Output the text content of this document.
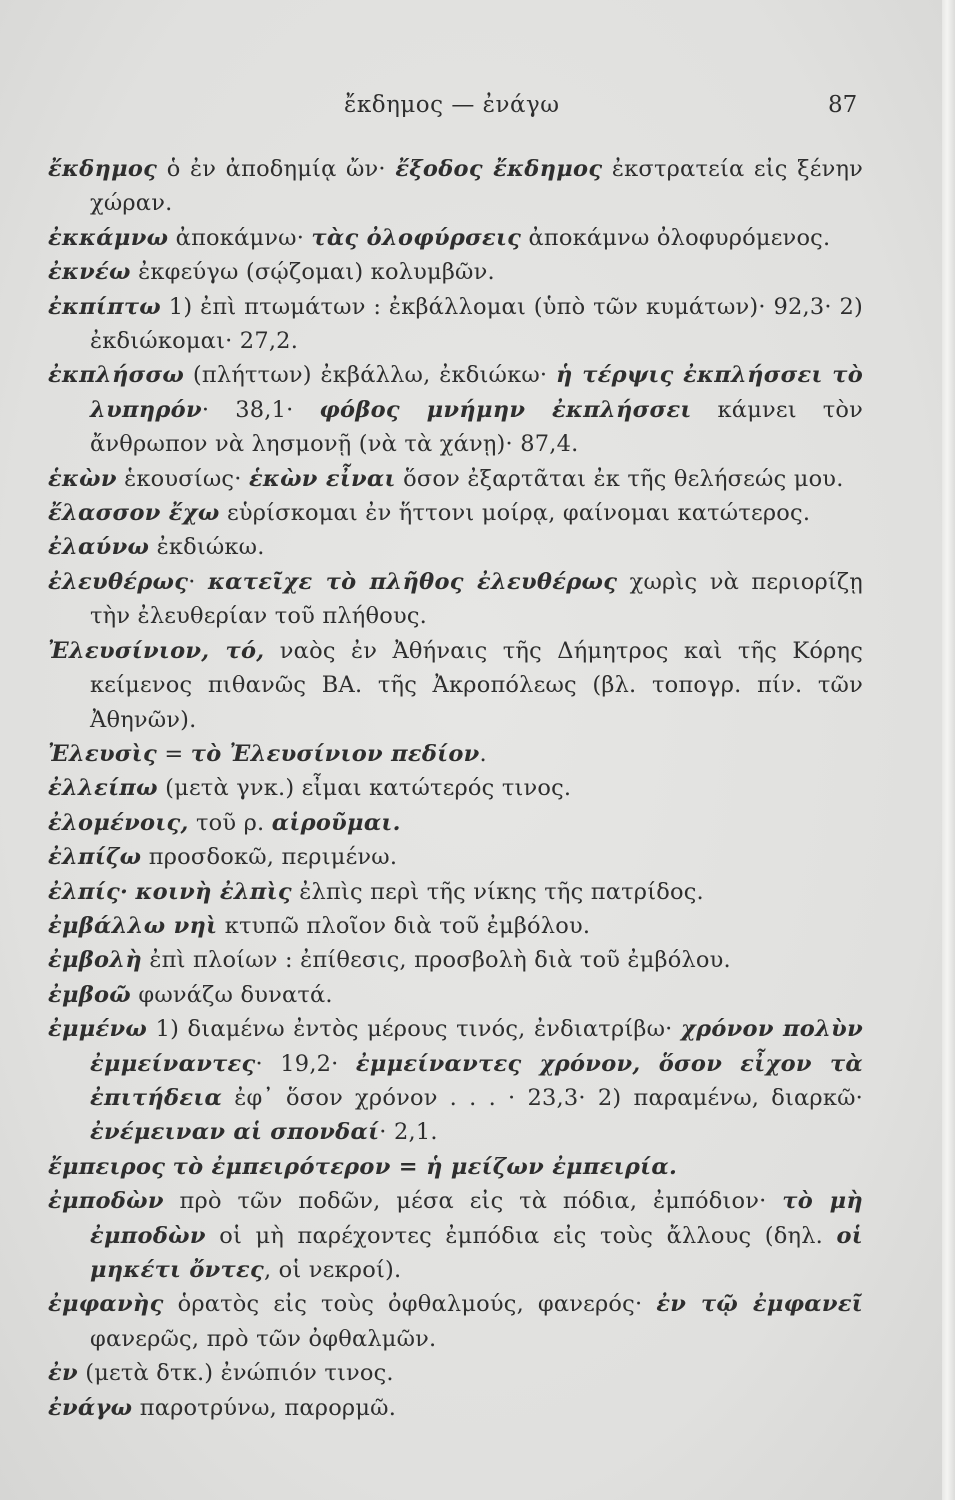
ἔκδημος — ἐνάγω	87

ἔκδημος ὁ ἐν ἀποδημίᾳ ὤν· ἔξοδος ἔκδημος ἐκστρατεία εἰς ξένην χώραν.

ἐκκάμνω ἀποκάμνω· τὰς ὀλοφύρσεις ἀποκάμνω ὀλοφυρόμενος.

ἐκνέω ἐκφεύγω (σῴζομαι) κολυμβῶν.

ἐκπίπτω 1) ἐπὶ πτωμάτων : ἐκβάλλομαι (ὑπὸ τῶν κυμάτων)· 92,3· 2) ἐκδιώκομαι· 27,2.

ἐκπλήσσω (πλήττων) ἐκβάλλω, ἐκδιώκω· ἡ τέρψις ἐκπλήσσει τὸ λυπηρόν· 38,1· φόβος μνήμην ἐκπλήσσει κάμνει τὸν ἄνθρωπον νὰ λησμονῇ (νὰ τὰ χάνῃ)· 87,4.

ἑκὼν ἑκουσίως· ἑκὼν εἶναι ὅσον ἐξαρτᾶται ἐκ τῆς θελήσεώς μου.

ἔλασσον ἔχω εὑρίσκομαι ἐν ἥττονι μοίρᾳ, φαίνομαι κατώτερος.

ἐλαύνω ἐκδιώκω.

ἐλευθέρως· κατεῖχε τὸ πλῆθος ἐλευθέρως χωρὶς νὰ περιορίζῃ τὴν ἐλευθερίαν τοῦ πλήθους.

Ἐλευσίνιον, τό, ναὸς ἐν Ἀθήναις τῆς Δήμητρος καὶ τῆς Κόρης κείμενος πιθανῶς ΒΑ. τῆς Ἀκροπόλεως (βλ. τοπογρ. πίν. τῶν Ἀθηνῶν).

Ἐλευσὶς = τὸ Ἐλευσίνιον πεδίον.

ἐλλείπω (μετὰ γνκ.) εἶμαι κατώτερός τινος.

ἐλομένοις, τοῦ ρ. αἱροῦμαι.

ἐλπίζω προσδοκῶ, περιμένω.

ἐλπίς· κοινὴ ἐλπὶς ἐλπὶς περὶ τῆς νίκης τῆς πατρίδος.

ἐμβάλλω νηὶ κτυπῶ πλοῖον διὰ τοῦ ἐμβόλου.

ἐμβολὴ ἐπὶ πλοίων : ἐπίθεσις, προσβολὴ διὰ τοῦ ἐμβόλου.

ἐμβοῶ φωνάζω δυνατά.

ἐμμένω 1) διαμένω ἐντὸς μέρους τινός, ἐνδιατρίβω· χρόνον πολὺν ἐμμείναντες· 19,2· ἐμμείναντες χρόνον, ὅσον εἶχον τὰ ἐπιτήδεια ἐφ᾿ ὅσον χρόνον . . . · 23,3· 2) παραμένω, διαρκῶ· ἐνέμειναν αἱ σπονδαί· 2,1.

ἔμπειρος τὸ ἐμπειρότερον = ἡ μείζων ἐμπειρία.

ἐμποδὼν πρὸ τῶν ποδῶν, μέσα εἰς τὰ πόδια, ἐμπόδιον· τὸ μὴ ἐμποδὼν οἱ μὴ παρέχοντες ἐμπόδια εἰς τοὺς ἄλλους (δηλ. οἱ μηκέτι ὄντες, οἱ νεκροί).

ἐμφανὴς ὁρατὸς εἰς τοὺς ὀφθαλμούς, φανερός· ἐν τῷ ἐμφανεῖ φανερῶς, πρὸ τῶν ὀφθαλμῶν.

ἐν (μετὰ δτκ.) ἐνώπιόν τινος.

ἐνάγω παροτρύνω, παρορμῶ.
